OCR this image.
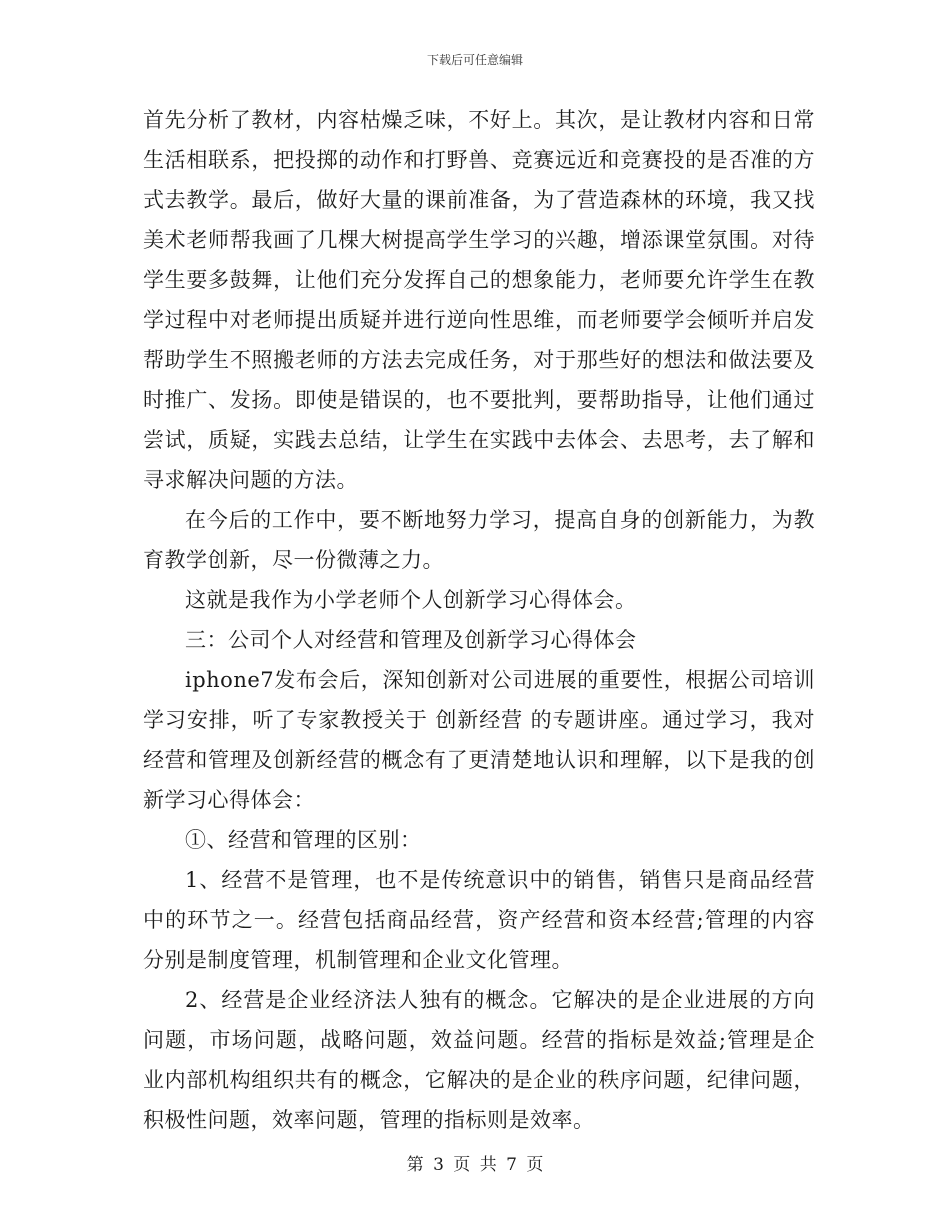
下载后可任意编辑

首先分析了教材，内容枯燥乏味，不好上。其次，是让教材内容和日常生活相联系，把投掷的动作和打野兽、竞赛远近和竞赛投的是否准的方式去教学。最后，做好大量的课前准备，为了营造森林的环境，我又找美术老师帮我画了几棵大树提高学生学习的兴趣，增添课堂氛围。对待学生要多鼓舞，让他们充分发挥自己的想象能力，老师要允许学生在教学过程中对老师提出质疑并进行逆向性思维，而老师要学会倾听并启发帮助学生不照搬老师的方法去完成任务，对于那些好的想法和做法要及时推广、发扬。即使是错误的，也不要批判，要帮助指导，让他们通过尝试，质疑，实践去总结，让学生在实践中去体会、去思考，去了解和寻求解决问题的方法。

在今后的工作中，要不断地努力学习，提高自身的创新能力，为教育教学创新，尽一份微薄之力。

这就是我作为小学老师个人创新学习心得体会。

三：公司个人对经营和管理及创新学习心得体会

iphone7发布会后，深知创新对公司进展的重要性，根据公司培训学习安排，听了专家教授关于 创新经营 的专题讲座。通过学习，我对经营和管理及创新经营的概念有了更清楚地认识和理解，以下是我的创新学习心得体会：

①、经营和管理的区别：

1、经营不是管理，也不是传统意识中的销售，销售只是商品经营中的环节之一。经营包括商品经营，资产经营和资本经营;管理的内容分别是制度管理，机制管理和企业文化管理。

2、经营是企业经济法人独有的概念。它解决的是企业进展的方向问题，市场问题，战略问题，效益问题。经营的指标是效益;管理是企业内部机构组织共有的概念，它解决的是企业的秩序问题，纪律问题，积极性问题，效率问题，管理的指标则是效率。

第 3 页 共 7 页
